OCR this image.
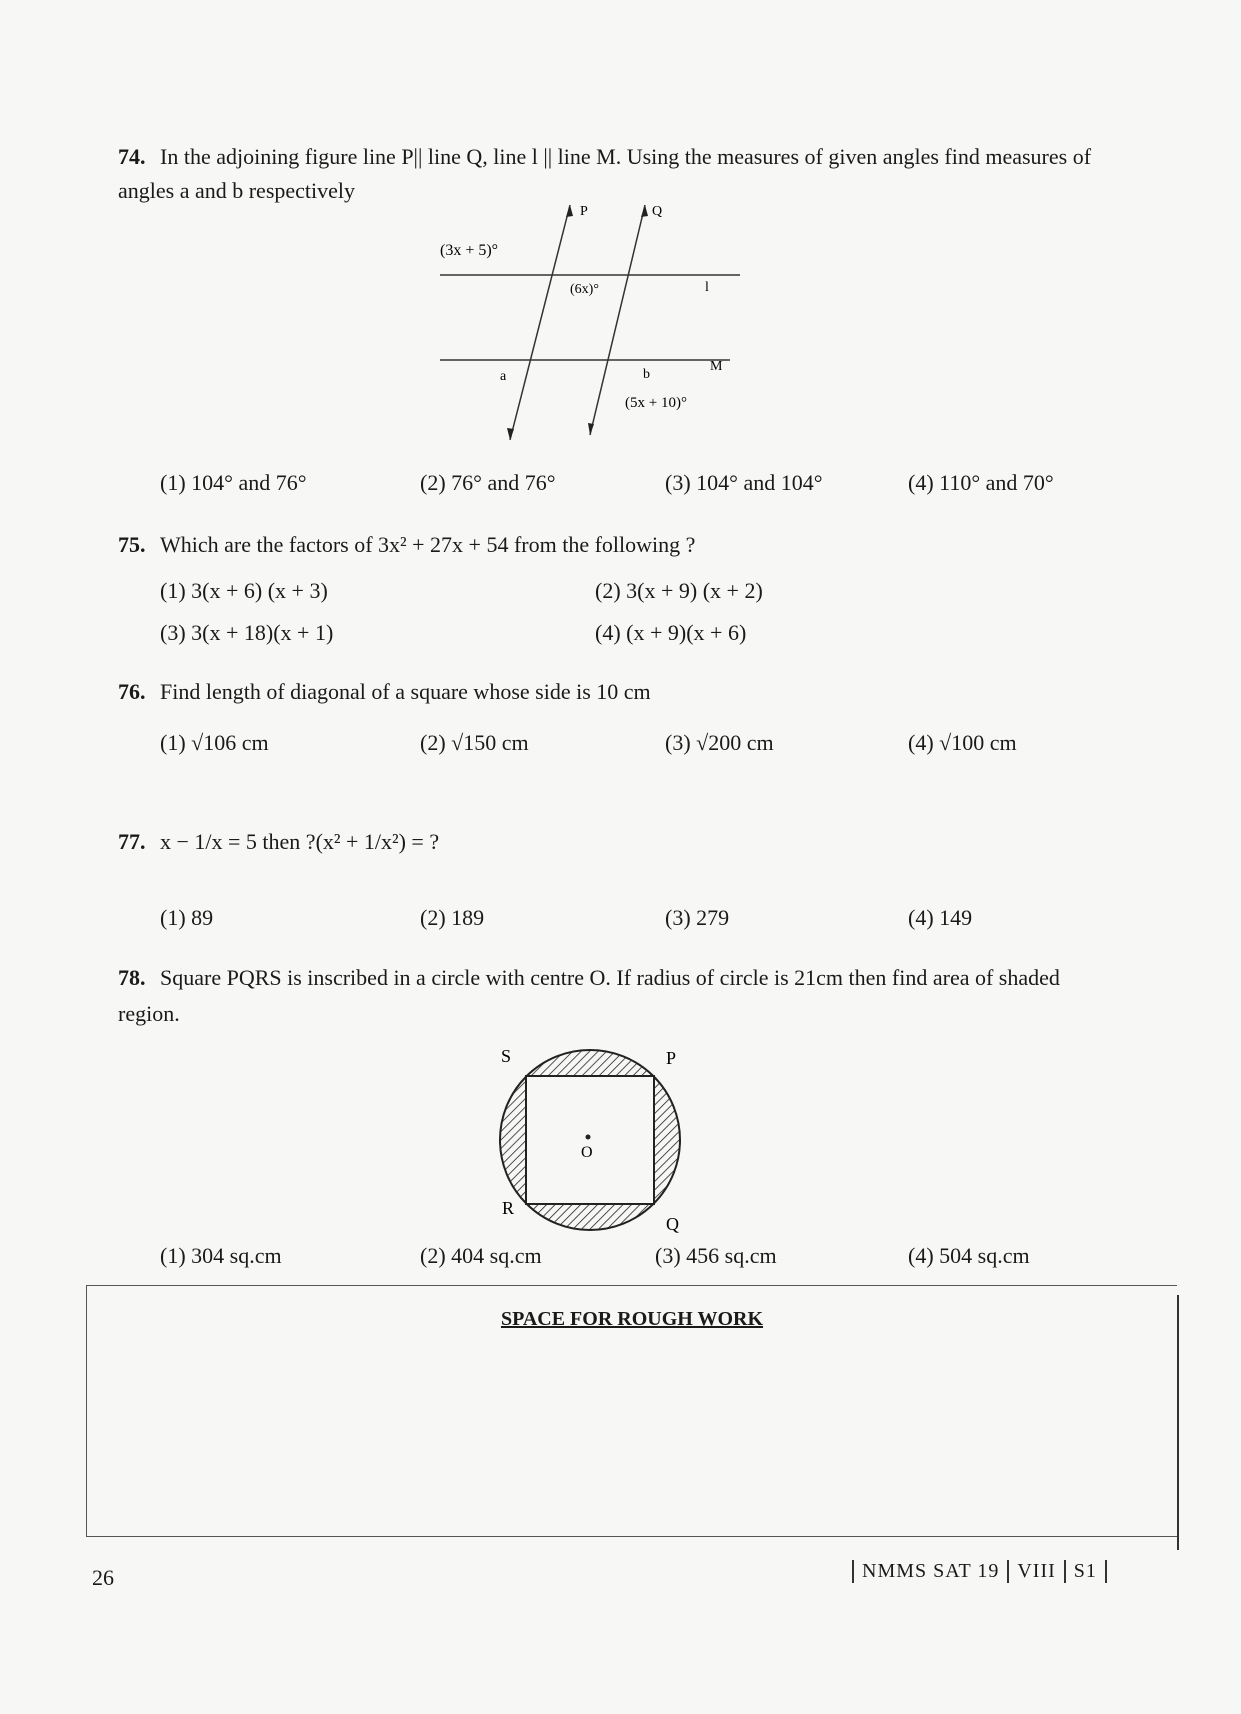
74. In the adjoining figure line P|| line Q, line l || line M. Using the measures of given angles find measures of angles a and b respectively
(3x + 5)°
P	Q
(6x)°	l
a	b
M
(5x + 10)°
(1) 104° and 76°	(2) 76° and 76°	(3) 104° and 104°	(4) 110° and 70°
75. Which are the factors of 3x² + 27x + 54 from the following ?
(1) 3(x + 6) (x + 3)	(2) 3(x + 9) (x + 2)
(3) 3(x + 18)(x + 1)	(4) (x + 9)(x + 6)
76. Find length of diagonal of a square whose side is 10 cm
(1) √106 cm	(2) √150 cm	(3) √200 cm	(4) √100 cm
77. x − 1/x = 5 then ?(x² + 1/x²) = ?
(1) 89	(2) 189	(3) 279	(4) 149
78. Square PQRS is inscribed in a circle with centre O. If radius of circle is 21cm then find area of shaded region.
S	P
Q
R
O
(1) 304 sq.cm	(2) 404 sq.cm	(3) 456 sq.cm	(4) 504 sq.cm
SPACE FOR ROUGH WORK
26	NMMS SAT 19 VIII S1
